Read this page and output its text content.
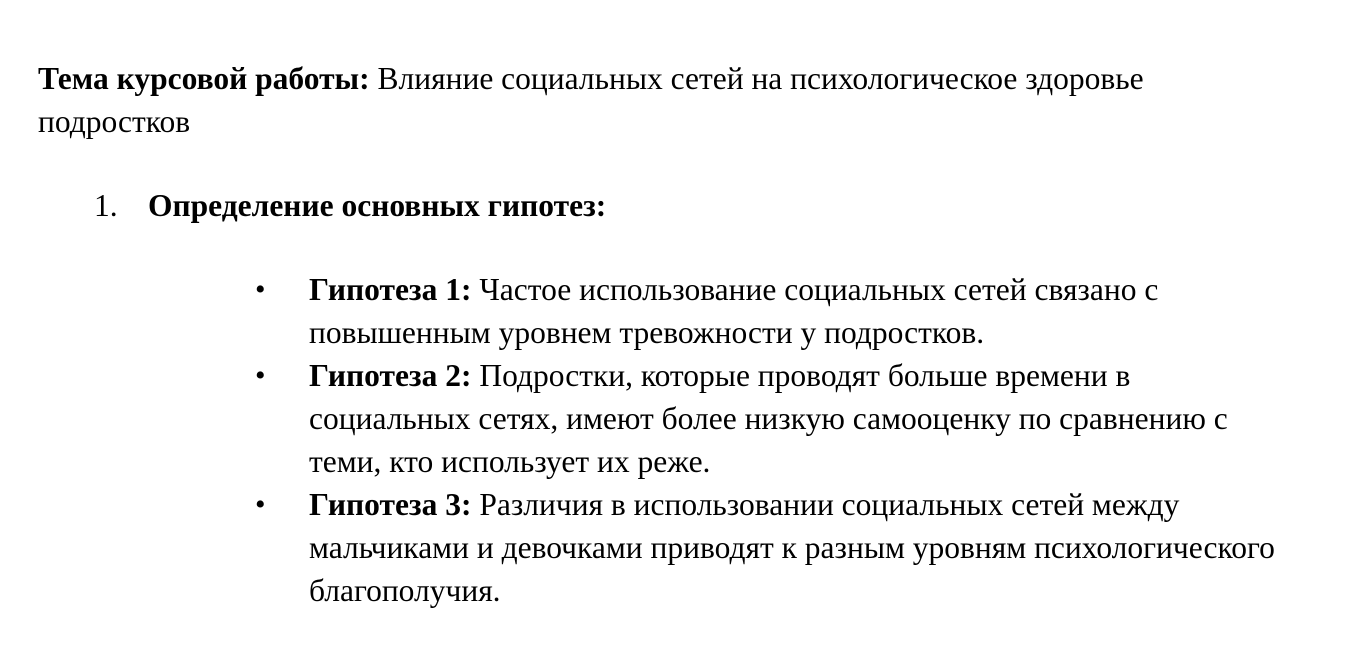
Тема курсовой работы: Влияние социальных сетей на психологическое здоровье подростков

1. Определение основных гипотез:
• Гипотеза 1: Частое использование социальных сетей связано с повышенным уровнем тревожности у подростков.
• Гипотеза 2: Подростки, которые проводят больше времени в социальных сетях, имеют более низкую самооценку по сравнению с теми, кто использует их реже.
• Гипотеза 3: Различия в использовании социальных сетей между мальчиками и девочками приводят к разным уровням психологического благополучия.
